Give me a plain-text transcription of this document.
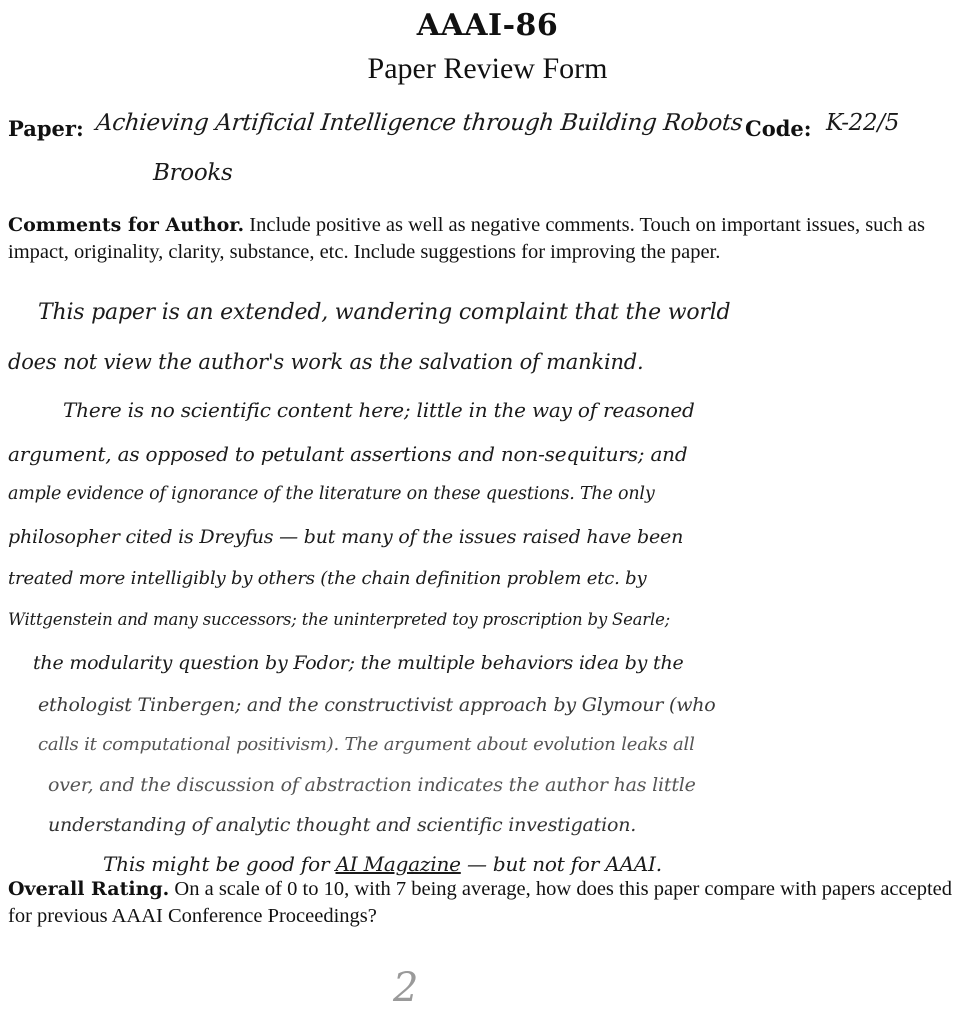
AAAI-86
Paper Review Form
Paper: Achieving Artificial Intelligence through Building Robots Code: K-22/5
Brooks
Comments for Author. Include positive as well as negative comments. Touch on important issues, such as impact, originality, clarity, substance, etc. Include suggestions for improving the paper.
This paper is an extended, wandering complaint that the world
does not view the author's work as the salvation of mankind.
There is no scientific content here; little in the way of reasoned
argument, as opposed to petulant assertions and non-sequiturs; and
ample evidence of ignorance of the literature on these questions. The only
philosopher cited is Dreyfus — but many of the issues raised have been
treated more intelligibly by others (the chain definition problem etc. by
Wittgenstein and many successors; the uninterpreted toy proscription by Searle;
the modularity question by Fodor; the multiple behaviors idea by the
ethologist Tinbergen; and the constructivist approach by Glymour (who
calls it computational positivism). The argument about evolution leaks all
over, and the discussion of abstraction indicates the author has little
understanding of analytic thought and scientific investigation.
This might be good for AI Magazine — but not for AAAI.
Overall Rating. On a scale of 0 to 10, with 7 being average, how does this paper compare with papers accepted for previous AAAI Conference Proceedings?
2
